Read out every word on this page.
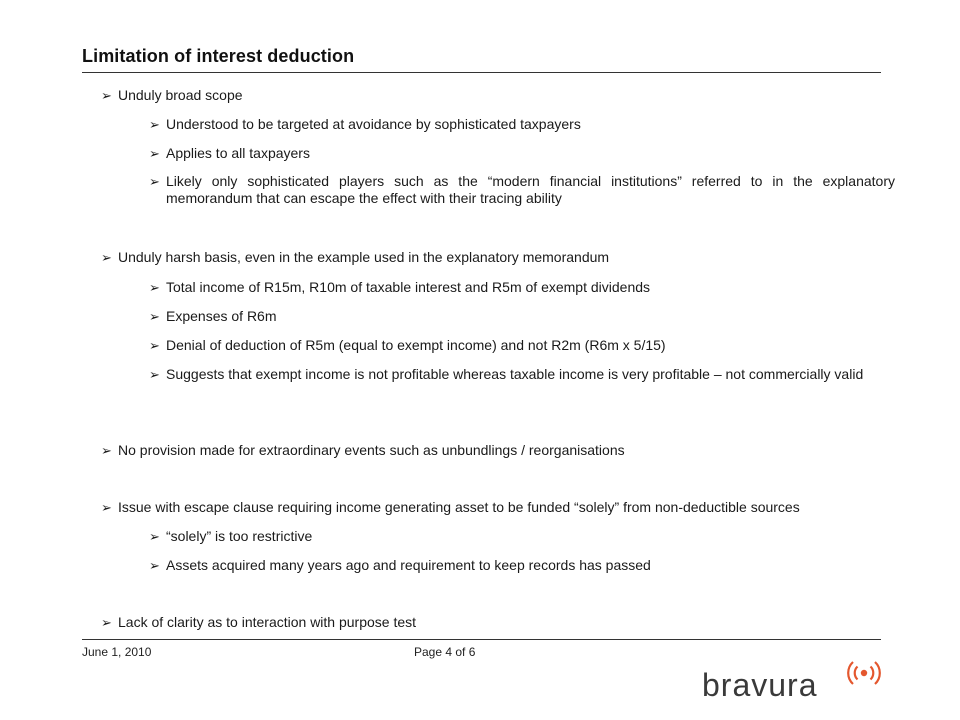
Limitation of interest deduction
➢ Unduly broad scope
➢ Understood to be targeted at avoidance by sophisticated taxpayers
➢ Applies to all taxpayers
➢ Likely only sophisticated players such as the “modern financial institutions” referred to in the explanatory memorandum that can escape the effect with their tracing ability
➢ Unduly harsh basis, even in the example used in the explanatory memorandum
➢ Total income of R15m, R10m of taxable interest and R5m of exempt dividends
➢ Expenses of R6m
➢ Denial of deduction of R5m (equal to exempt income) and not R2m (R6m x 5/15)
➢ Suggests that exempt income is not profitable whereas taxable income is very profitable – not commercially valid
➢ No provision made for extraordinary events such as unbundlings / reorganisations
➢ Issue with escape clause requiring income generating asset to be funded “solely” from non-deductible sources
➢ “solely” is too restrictive
➢ Assets acquired many years ago and requirement to keep records has passed
➢ Lack of clarity as to interaction with purpose test
June 1, 2010	Page 4 of 6
bravura
